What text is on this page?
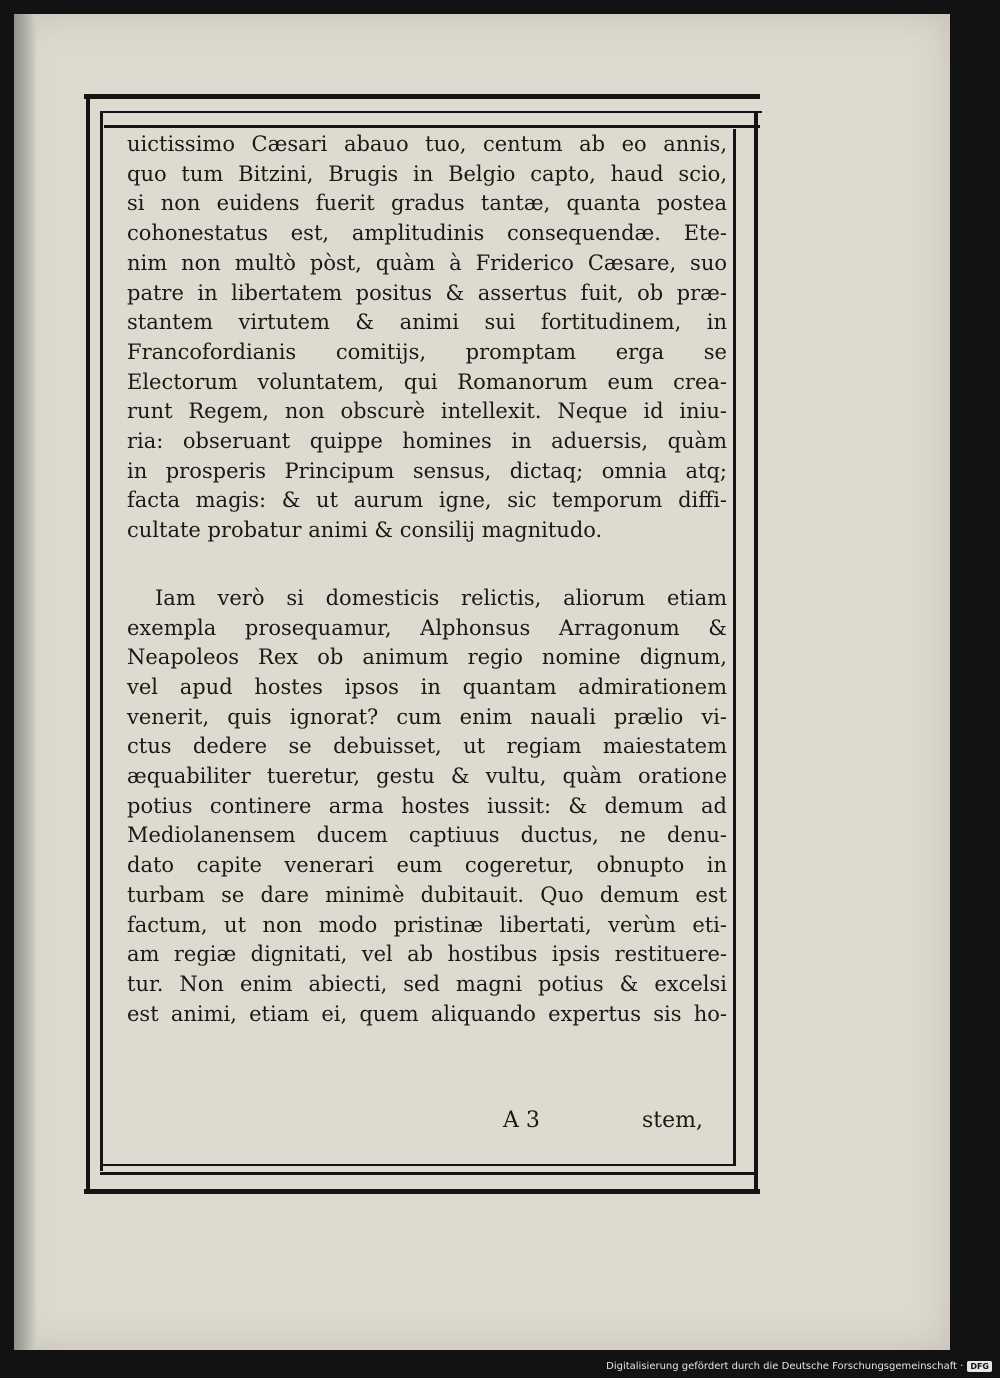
uictissimo Cæsari abauo tuo, centum ab eo annis,

quo tum Bitzini, Brugis in Belgio capto, haud scio,

si non euidens fuerit gradus tantæ, quanta postea

cohonestatus est, amplitudinis consequendæ. Ete-

nim non multò pòst, quàm à Friderico Cæsare, suo

patre in libertatem positus & assertus fuit, ob præ-

stantem virtutem & animi sui fortitudinem, in

Francofordianis comitijs, promptam erga se

Electorum voluntatem, qui Romanorum eum crea-

runt Regem, non obscurè intellexit. Neque id iniu-

ria: obseruant quippe homines in aduersis, quàm

in prosperis Principum sensus, dictaq; omnia atq;

facta magis: & ut aurum igne, sic temporum diffi-

cultate probatur animi & consilij magnitudo.

Iam verò si domesticis relictis, aliorum etiam

exempla prosequamur, Alphonsus Arragonum &

Neapoleos Rex ob animum regio nomine dignum,

vel apud hostes ipsos in quantam admirationem

venerit, quis ignorat? cum enim nauali prælio vi-

ctus dedere se debuisset, ut regiam maiestatem

æquabiliter tueretur, gestu & vultu, quàm oratione

potius continere arma hostes iussit: & demum ad

Mediolanensem ducem captiuus ductus, ne denu-

dato capite venerari eum cogeretur, obnupto in

turbam se dare minimè dubitauit. Quo demum est

factum, ut non modo pristinæ libertati, verùm eti-

am regiæ dignitati, vel ab hostibus ipsis restituere-

tur. Non enim abiecti, sed magni potius & excelsi

est animi, etiam ei, quem aliquando expertus sis ho-

A 3	stem,
Digitalisierung gefördert durch die Deutsche Forschungsgemeinschaft · DFG
